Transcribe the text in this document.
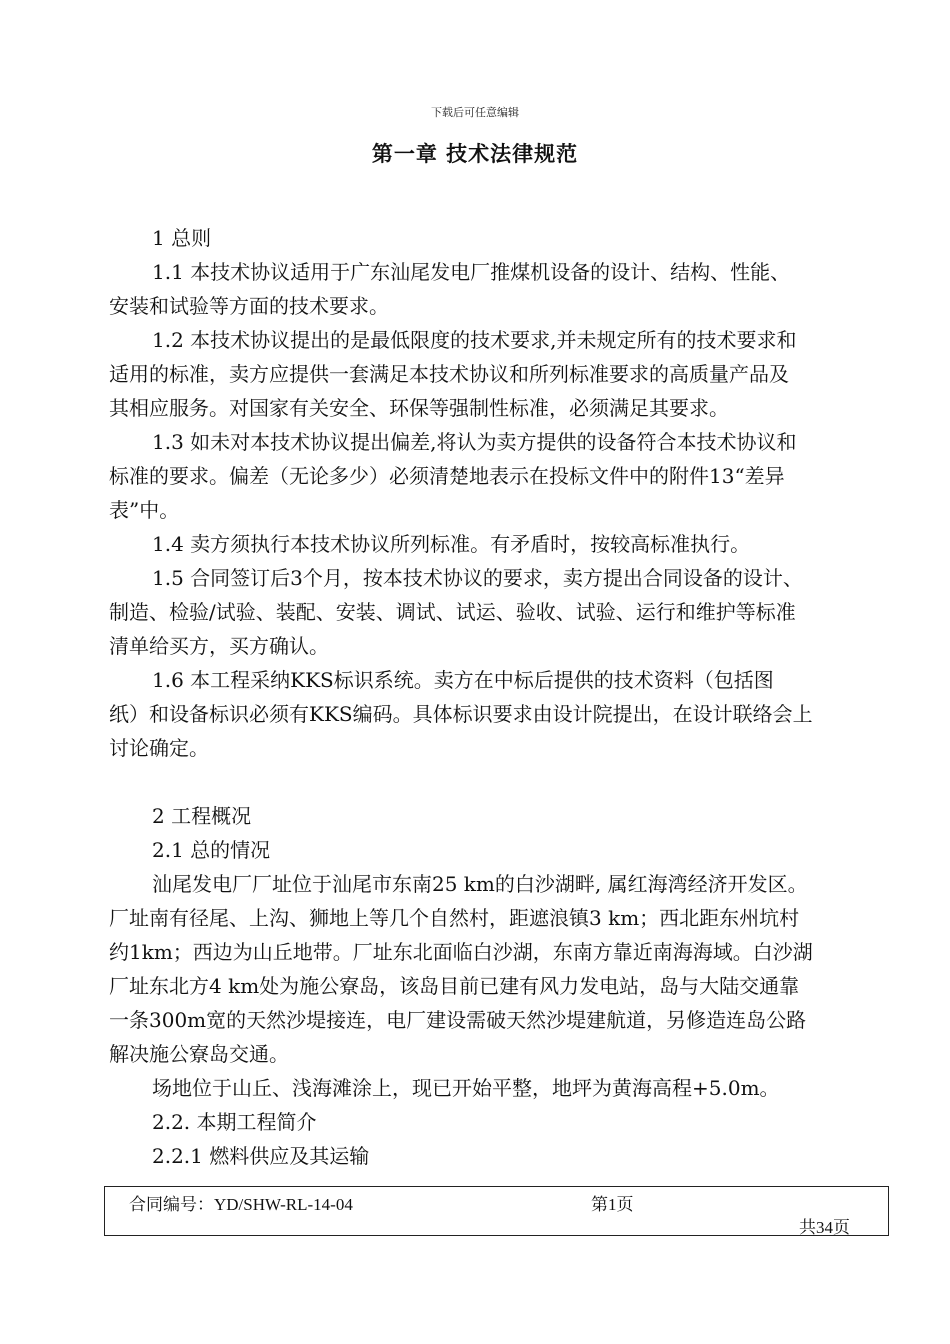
下载后可任意编辑
第一章 技术法律规范
1 总则
1.1 本技术协议适用于广东汕尾发电厂推煤机设备的设计、结构、性能、
安装和试验等方面的技术要求。
1.2 本技术协议提出的是最低限度的技术要求,并未规定所有的技术要求和
适用的标准，卖方应提供一套满足本技术协议和所列标准要求的高质量产品及
其相应服务。对国家有关安全、环保等强制性标准，必须满足其要求。
1.3 如未对本技术协议提出偏差,将认为卖方提供的设备符合本技术协议和
标准的要求。偏差（无论多少）必须清楚地表示在投标文件中的附件13“差异
表”中。
1.4 卖方须执行本技术协议所列标准。有矛盾时，按较高标准执行。
1.5 合同签订后3个月，按本技术协议的要求，卖方提出合同设备的设计、
制造、检验/试验、装配、安装、调试、试运、验收、试验、运行和维护等标准
清单给买方，买方确认。
1.6 本工程采纳KKS标识系统。卖方在中标后提供的技术资料（包括图
纸）和设备标识必须有KKS编码。具体标识要求由设计院提出，在设计联络会上
讨论确定。
2 工程概况
2.1 总的情况
汕尾发电厂厂址位于汕尾市东南25 km的白沙湖畔, 属红海湾经济开发区。
厂址南有径尾、上沟、狮地上等几个自然村，距遮浪镇3 km；西北距东州坑村
约1km；西边为山丘地带。厂址东北面临白沙湖，东南方靠近南海海域。白沙湖
厂址东北方4 km处为施公寮岛，该岛目前已建有风力发电站，岛与大陆交通靠
一条300m宽的天然沙堤接连，电厂建设需破天然沙堤建航道，另修造连岛公路
解决施公寮岛交通。
场地位于山丘、浅海滩涂上，现已开始平整，地坪为黄海高程+5.0m。
2.2. 本期工程简介
2.2.1 燃料供应及其运输
合同编号：YD/SHW-RL-14-04	第1页
共34页
